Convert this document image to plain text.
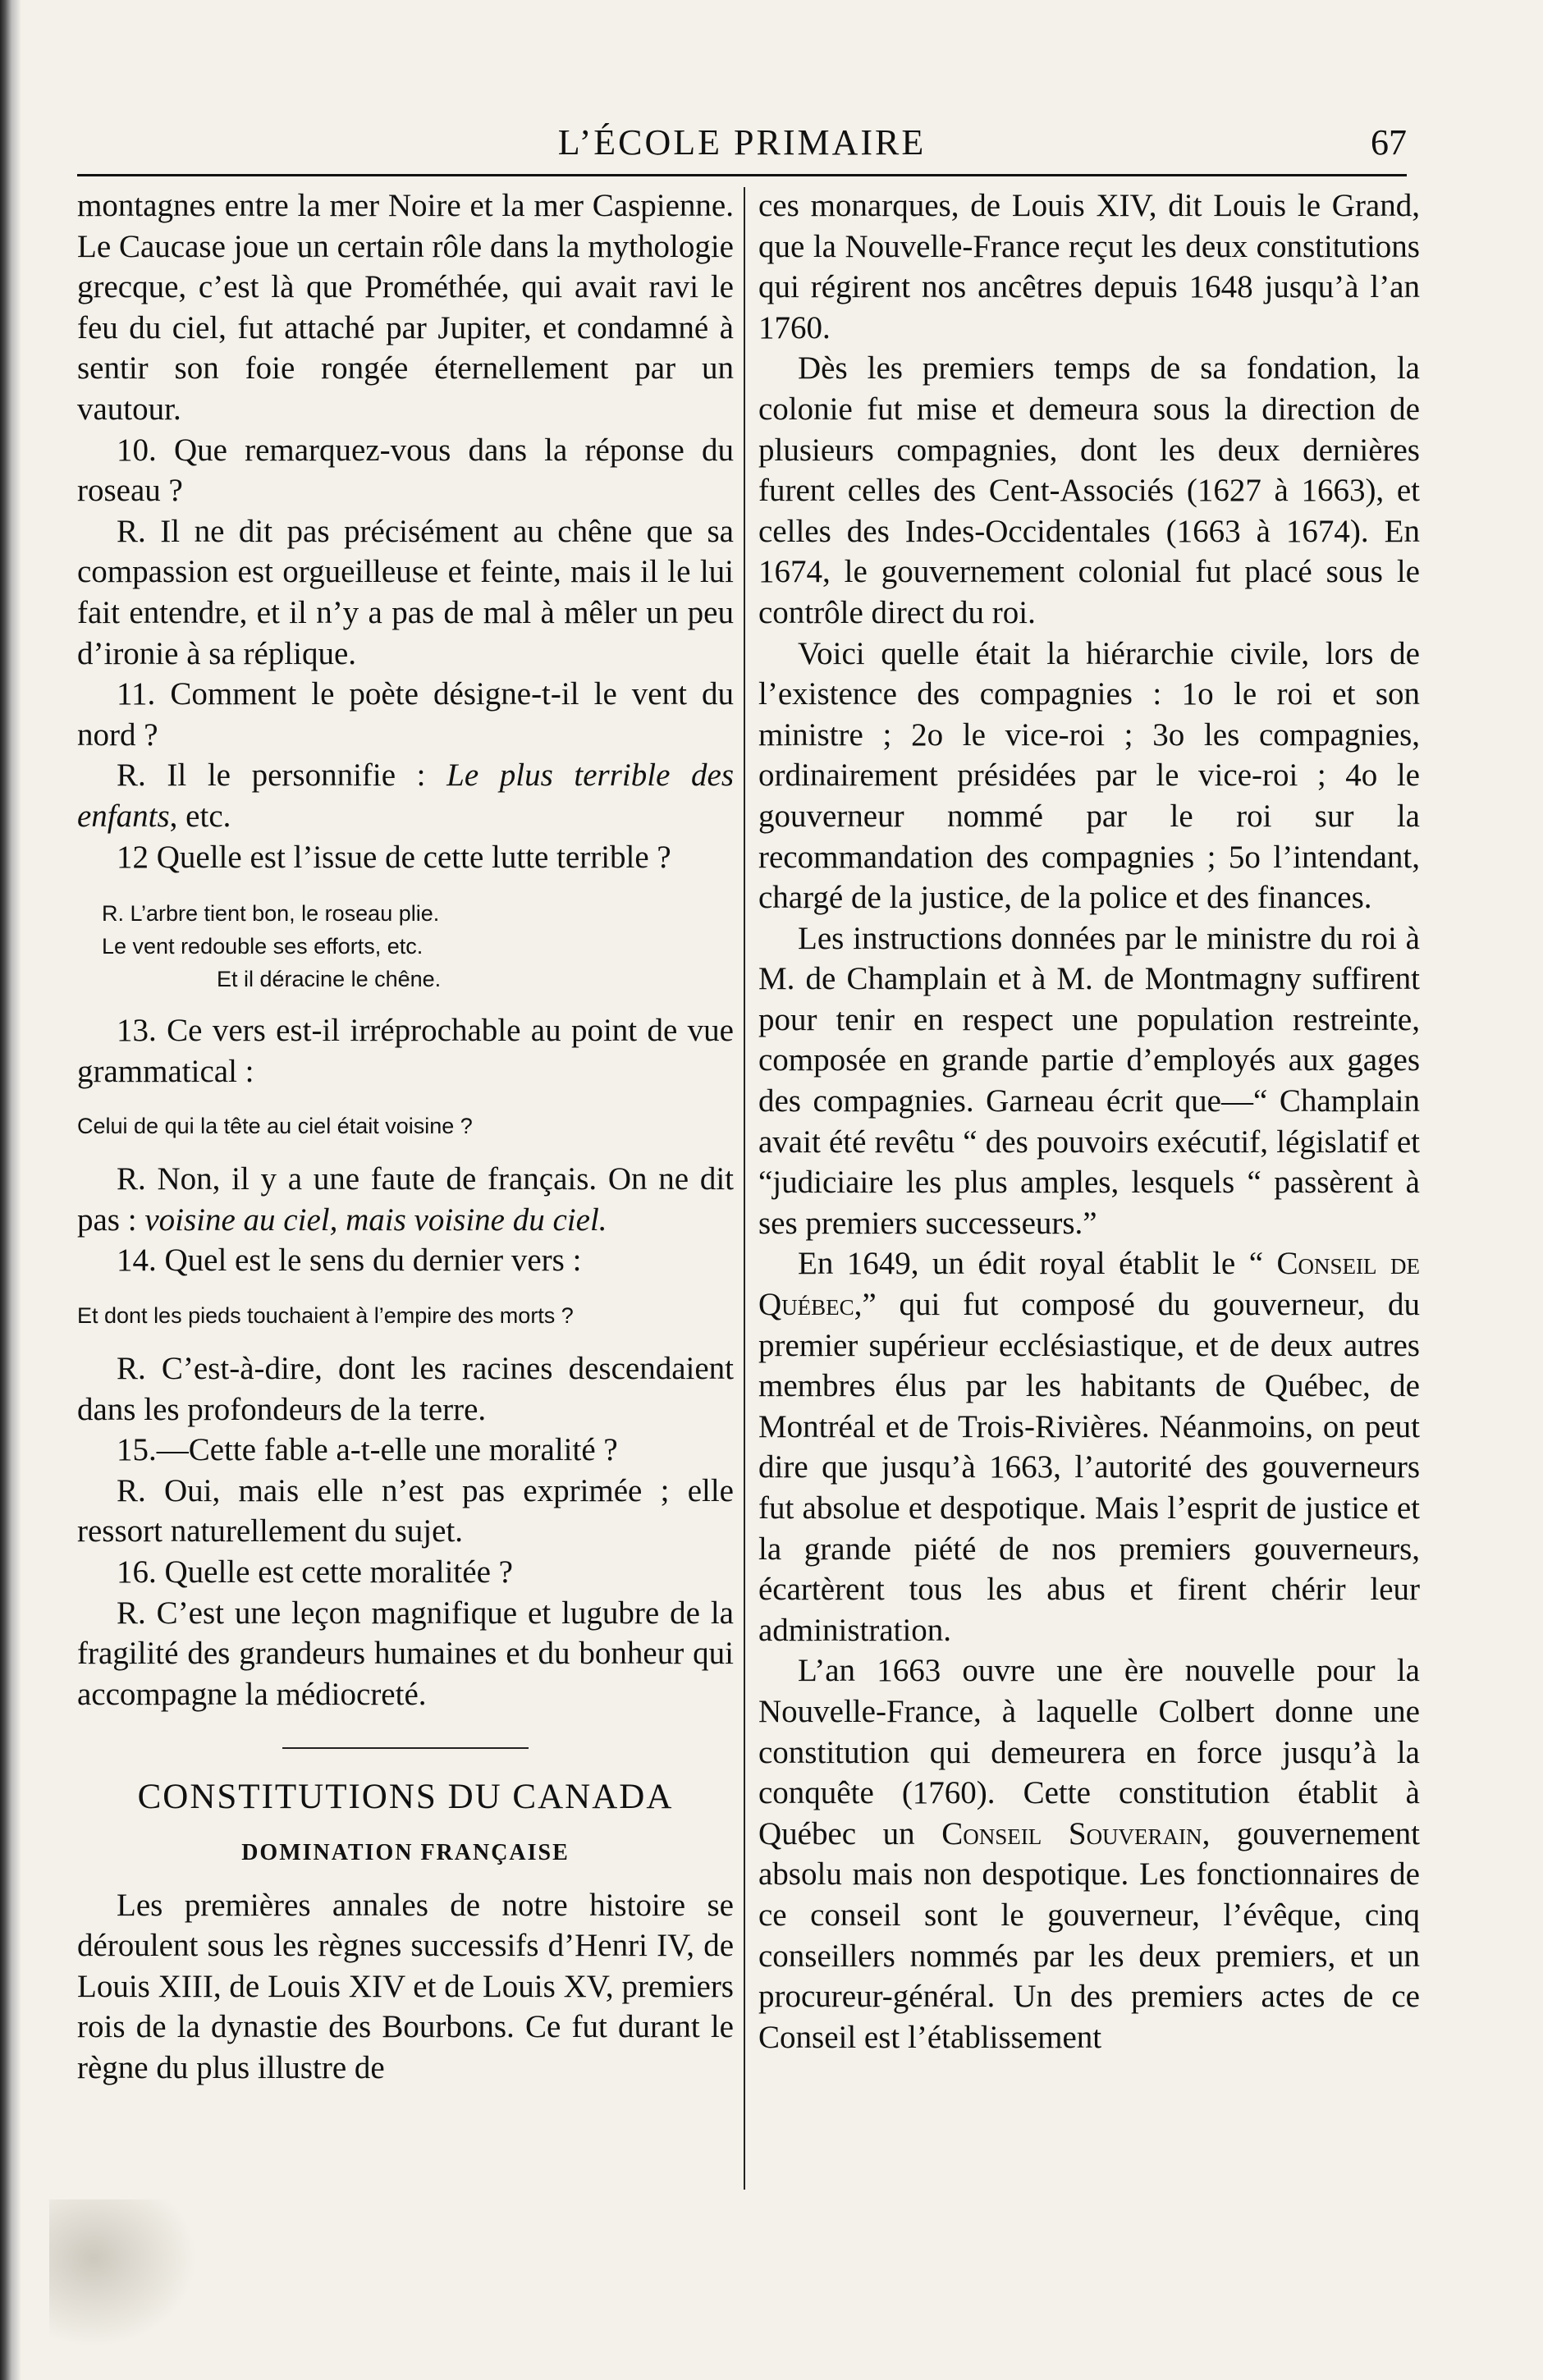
L’ÉCOLE PRIMAIRE	67

montagnes entre la mer Noire et la mer Caspienne. Le Caucase joue un certain rôle dans la mythologie grecque, c’est là que Prométhée, qui avait ravi le feu du ciel, fut attaché par Jupiter, et condamné à sentir son foie rongée éternellement par un vautour.

10. Que remarquez-vous dans la réponse du roseau ?

R. Il ne dit pas précisément au chêne que sa compassion est orgueilleuse et feinte, mais il le lui fait entendre, et il n’y a pas de mal à mêler un peu d’ironie à sa réplique.

11. Comment le poète désigne-t-il le vent du nord ?

R. Il le personnifie : Le plus terrible des enfants, etc.

12 Quelle est l’issue de cette lutte terrible ?

R. L’arbre tient bon, le roseau plie.

Le vent redouble ses efforts, etc.

Et il déracine le chêne.

13. Ce vers est-il irréprochable au point de vue grammatical :

Celui de qui la tête au ciel était voisine ?

R. Non, il y a une faute de français. On ne dit pas : voisine au ciel, mais voisine du ciel.

14. Quel est le sens du dernier vers :

Et dont les pieds touchaient à l’empire des morts ?

R. C’est-à-dire, dont les racines descendaient dans les profondeurs de la terre.

15.—Cette fable a-t-elle une moralité ?

R. Oui, mais elle n’est pas exprimée ; elle ressort naturellement du sujet.

16. Quelle est cette moralitée ?

R. C’est une leçon magnifique et lugubre de la fragilité des grandeurs humaines et du bonheur qui accompagne la médiocreté.

CONSTITUTIONS DU CANADA

DOMINATION FRANÇAISE

Les premières annales de notre histoire se déroulent sous les règnes successifs d’Henri IV, de Louis XIII, de Louis XIV et de Louis XV, premiers rois de la dynastie des Bourbons. Ce fut durant le règne du plus illustre de

ces monarques, de Louis XIV, dit Louis le Grand, que la Nouvelle-France reçut les deux constitutions qui régirent nos ancêtres depuis 1648 jusqu’à l’an 1760.

Dès les premiers temps de sa fondation, la colonie fut mise et demeura sous la direction de plusieurs compagnies, dont les deux dernières furent celles des Cent-Associés (1627 à 1663), et celles des Indes-Occidentales (1663 à 1674). En 1674, le gouvernement colonial fut placé sous le contrôle direct du roi.

Voici quelle était la hiérarchie civile, lors de l’existence des compagnies : 1o le roi et son ministre ; 2o le vice-roi ; 3o les compagnies, ordinairement présidées par le vice-roi ; 4o le gouverneur nommé par le roi sur la recommandation des compagnies ; 5o l’intendant, chargé de la justice, de la police et des finances.

Les instructions données par le ministre du roi à M. de Champlain et à M. de Montmagny suffirent pour tenir en respect une population restreinte, composée en grande partie d’employés aux gages des compagnies. Garneau écrit que—“ Champlain avait été revêtu “ des pouvoirs exécutif, législatif et “judiciaire les plus amples, lesquels “ passèrent à ses premiers successeurs.”

En 1649, un édit royal établit le “ Conseil de Québec,” qui fut composé du gouverneur, du premier supérieur ecclésiastique, et de deux autres membres élus par les habitants de Québec, de Montréal et de Trois-Rivières. Néanmoins, on peut dire que jusqu’à 1663, l’autorité des gouverneurs fut absolue et despotique. Mais l’esprit de justice et la grande piété de nos premiers gouverneurs, écartèrent tous les abus et firent chérir leur administration.

L’an 1663 ouvre une ère nouvelle pour la Nouvelle-France, à laquelle Colbert donne une constitution qui demeurera en force jusqu’à la conquête (1760). Cette constitution établit à Québec un Conseil Souverain, gouvernement absolu mais non despotique. Les fonctionnaires de ce conseil sont le gouverneur, l’évêque, cinq conseillers nommés par les deux premiers, et un procureur-général. Un des premiers actes de ce Conseil est l’établissement
